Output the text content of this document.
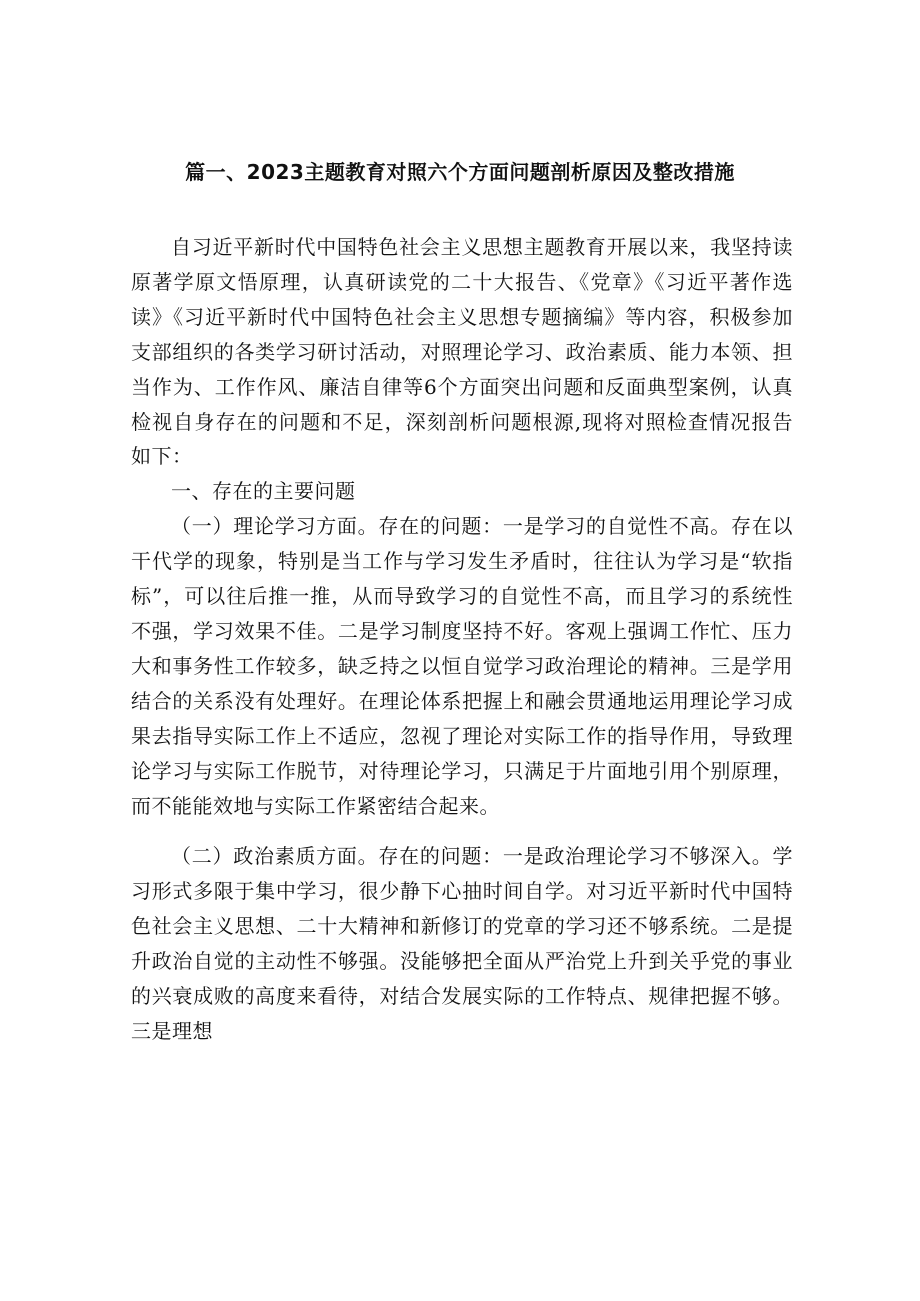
篇一、2023主题教育对照六个方面问题剖析原因及整改措施

自习近平新时代中国特色社会主义思想主题教育开展以来，我坚持读原著学原文悟原理，认真研读党的二十大报告、《党章》《习近平著作选读》《习近平新时代中国特色社会主义思想专题摘编》等内容，积极参加支部组织的各类学习研讨活动，对照理论学习、政治素质、能力本领、担当作为、工作作风、廉洁自律等6个方面突出问题和反面典型案例，认真检视自身存在的问题和不足，深刻剖析问题根源,现将对照检查情况报告如下：

一、存在的主要问题

（一）理论学习方面。存在的问题：一是学习的自觉性不高。存在以干代学的现象，特别是当工作与学习发生矛盾时，往往认为学习是“软指标”，可以往后推一推，从而导致学习的自觉性不高，而且学习的系统性不强，学习效果不佳。二是学习制度坚持不好。客观上强调工作忙、压力大和事务性工作较多，缺乏持之以恒自觉学习政治理论的精神。三是学用结合的关系没有处理好。在理论体系把握上和融会贯通地运用理论学习成果去指导实际工作上不适应，忽视了理论对实际工作的指导作用，导致理论学习与实际工作脱节，对待理论学习，只满足于片面地引用个别原理，而不能能效地与实际工作紧密结合起来。

（二）政治素质方面。存在的问题：一是政治理论学习不够深入。学习形式多限于集中学习，很少静下心抽时间自学。对习近平新时代中国特色社会主义思想、二十大精神和新修订的党章的学习还不够系统。二是提升政治自觉的主动性不够强。没能够把全面从严治党上升到关乎党的事业的兴衰成败的高度来看待，对结合发展实际的工作特点、规律把握不够。三是理想
